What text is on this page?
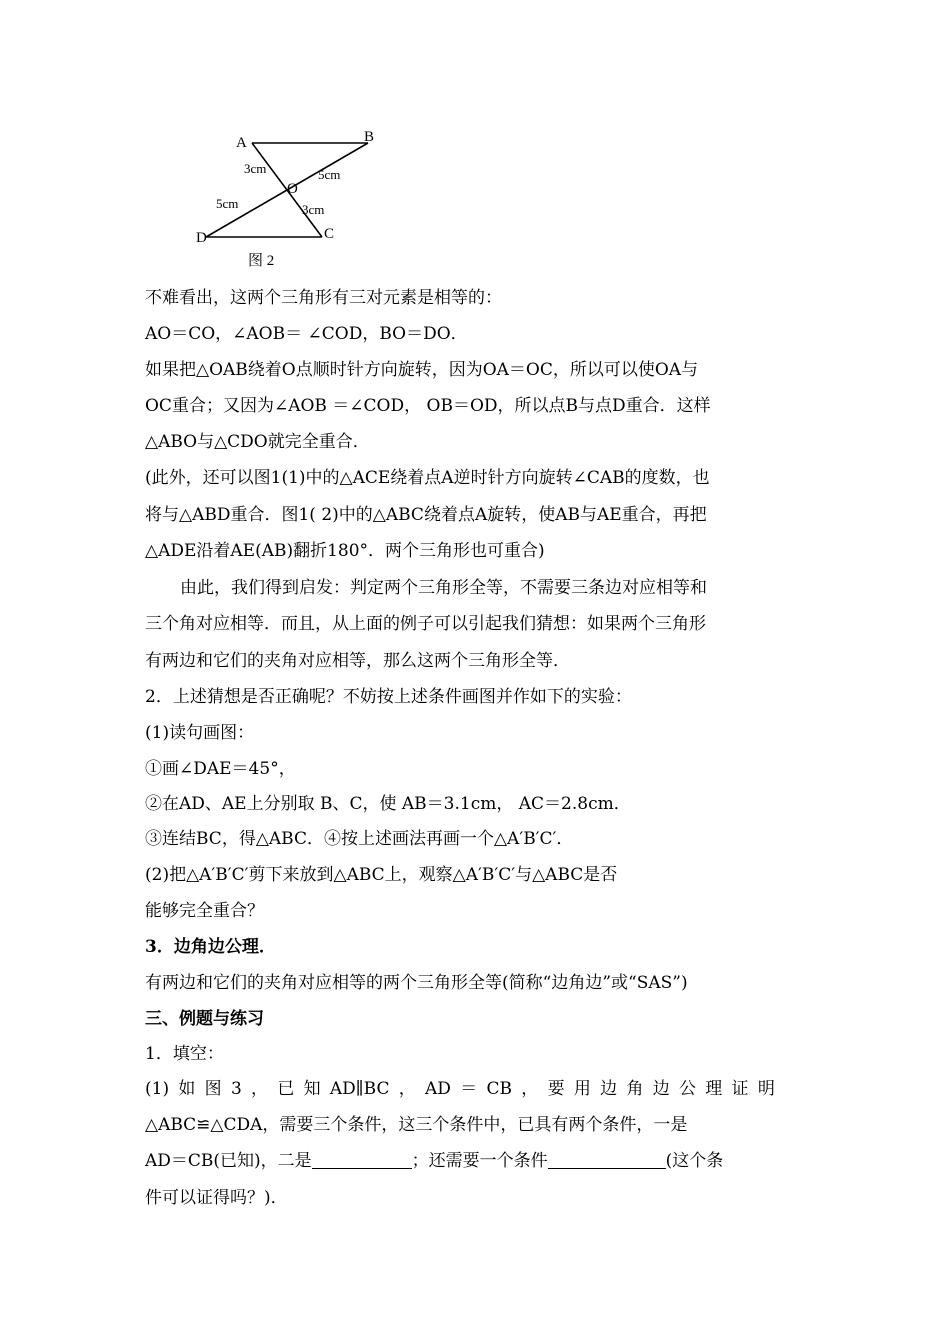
A	B
C
D
O
3cm	5cm
5cm	3cm
图 2
不难看出，这两个三角形有三对元素是相等的：
AO＝CO，∠AOB＝ ∠COD，BO＝DO．
如果把△OAB绕着O点顺时针方向旋转，因为OA＝OC，所以可以使OA与
OC重合；又因为∠AOB ＝∠COD， OB＝OD，所以点B与点D重合．这样
△ABO与△CDO就完全重合．
(此外，还可以图1(1)中的△ACE绕着点A逆时针方向旋转∠CAB的度数，也
将与△ABD重合．图1( 2)中的△ABC绕着点A旋转，使AB与AE重合，再把
△ADE沿着AE(AB)翻折180°．两个三角形也可重合)
由此，我们得到启发：判定两个三角形全等，不需要三条边对应相等和
三个角对应相等．而且，从上面的例子可以引起我们猜想：如果两个三角形
有两边和它们的夹角对应相等，那么这两个三角形全等．
2．上述猜想是否正确呢？不妨按上述条件画图并作如下的实验：
(1)读句画图：
①画∠DAE＝45°，
②在AD、AE上分别取 B、C，使 AB＝3.1cm， AC＝2.8cm．
③连结BC，得△ABC．④按上述画法再画一个△A′B′C′．
(2)把△A′B′C′剪下来放到△ABC上，观察△A′B′C′与△ABC是否
能够完全重合？
3．边角边公理．
有两边和它们的夹角对应相等的两个三角形全等(简称“边角边”或“SAS”)
三、例题与练习
1．填空：
(1) 如 图 3 ， 已 知 AD∥BC ， AD ＝ CB ， 要 用 边 角 边 公 理 证 明
△ABC≌△CDA，需要三个条件，这三个条件中，已具有两个条件，一是
AD＝CB(已知)，二是	；还需要一个条件	(这个条
件可以证得吗？)．
